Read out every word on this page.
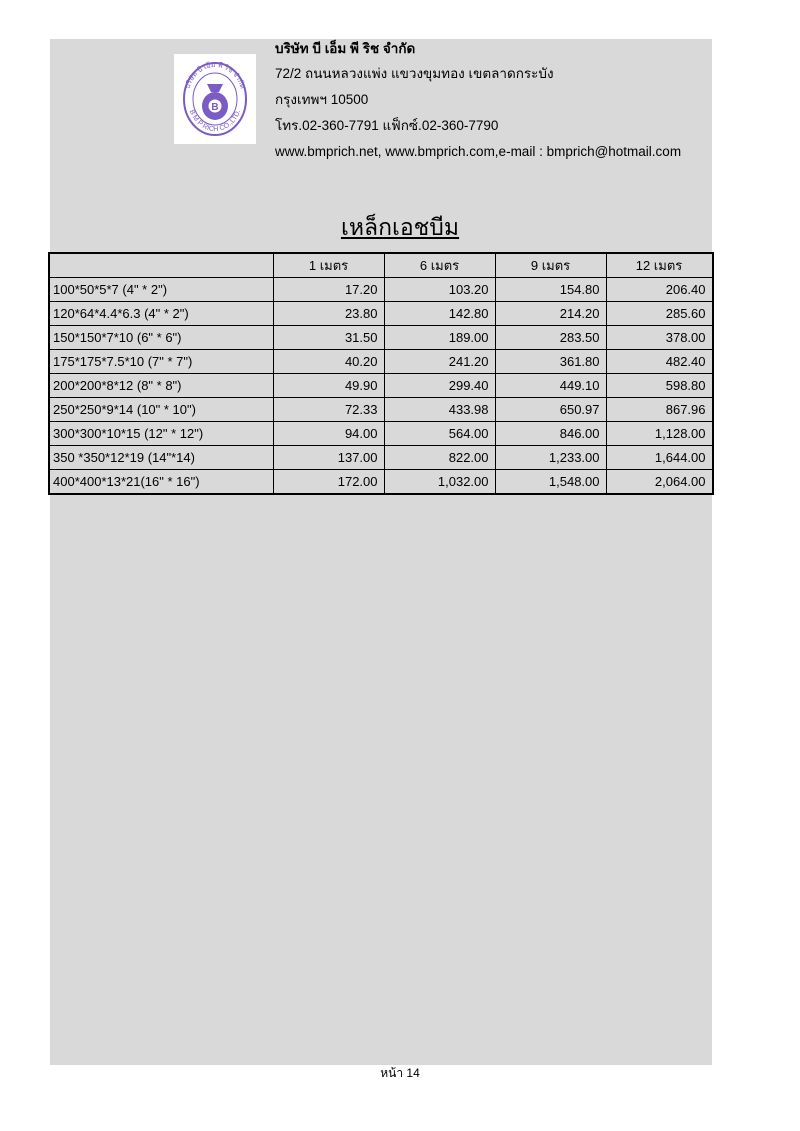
B
บริษัท บี เอ็ม พี ริช จำกัด
B M P RICH CO.,LTD.
บริษัท บี เอ็ม พี ริช จำกัด
72/2 ถนนหลวงแพ่ง แขวงขุมทอง เขตลาดกระบัง
กรุงเทพฯ 10500
โทร.02-360-7791 แฟ็กซ์.02-360-7790
www.bmprich.net, www.bmprich.com,e-mail : bmprich@hotmail.com
เหล็กเอชบีม
	1 เมตร	6 เมตร	9 เมตร	12 เมตร
100*50*5*7 (4" * 2")	17.20	103.20	154.80	206.40
120*64*4.4*6.3 (4" * 2")	23.80	142.80	214.20	285.60
150*150*7*10 (6" * 6")	31.50	189.00	283.50	378.00
175*175*7.5*10 (7" * 7")	40.20	241.20	361.80	482.40
200*200*8*12 (8" * 8")	49.90	299.40	449.10	598.80
250*250*9*14 (10" * 10")	72.33	433.98	650.97	867.96
300*300*10*15 (12" * 12")	94.00	564.00	846.00	1,128.00
350 *350*12*19 (14"*14)	137.00	822.00	1,233.00	1,644.00
400*400*13*21(16" * 16")	172.00	1,032.00	1,548.00	2,064.00
หน้า 14
